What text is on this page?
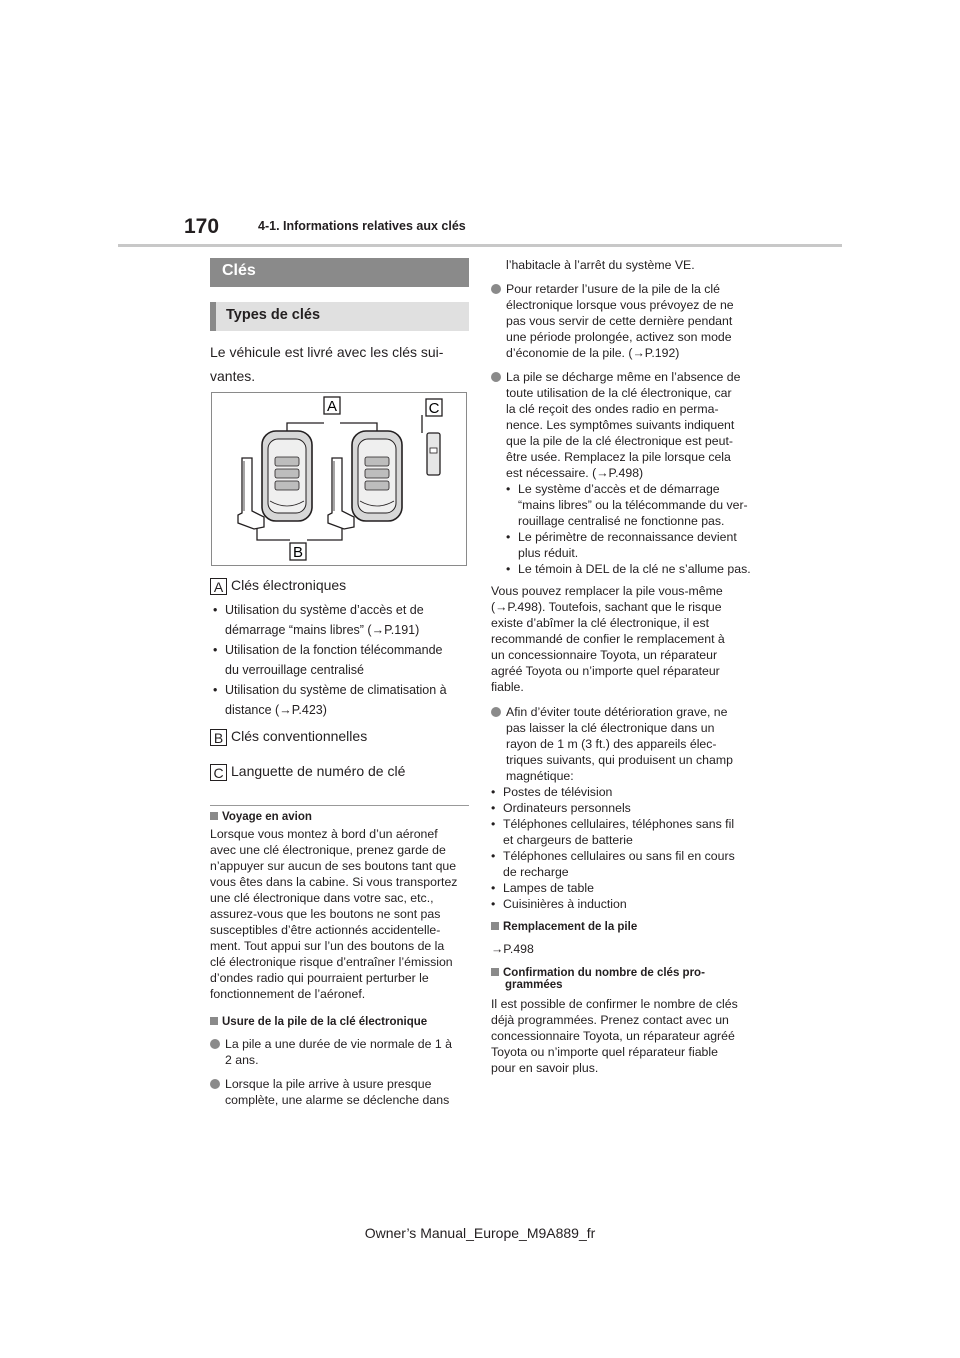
170	4-1. Informations relatives aux clés
Clés
Types de clés
Le véhicule est livré avec les clés sui-
vantes.
A	C
B
A Clés électroniques
• Utilisation du système d’accès et de
démarrage “mains libres” (→P.191)
• Utilisation de la fonction télécommande
du verrouillage centralisé
• Utilisation du système de climatisation à
distance (→P.423)
B Clés conventionnelles
C Languette de numéro de clé
Voyage en avion
Lorsque vous montez à bord d’un aéronef
avec une clé électronique, prenez garde de
n’appuyer sur aucun de ses boutons tant que
vous êtes dans la cabine. Si vous transportez
une clé électronique dans votre sac, etc.,
assurez-vous que les boutons ne sont pas
susceptibles d’être actionnés accidentelle-
ment. Tout appui sur l’un des boutons de la
clé électronique risque d’entraîner l’émission
d’ondes radio qui pourraient perturber le
fonctionnement de l’aéronef.
Usure de la pile de la clé électronique
La pile a une durée de vie normale de 1 à
2 ans.
Lorsque la pile arrive à usure presque
complète, une alarme se déclenche dans
l’habitacle à l’arrêt du système VE.
Pour retarder l’usure de la pile de la clé
électronique lorsque vous prévoyez de ne
pas vous servir de cette dernière pendant
une période prolongée, activez son mode
d’économie de la pile. (→P.192)
La pile se décharge même en l’absence de
toute utilisation de la clé électronique, car
la clé reçoit des ondes radio en perma-
nence. Les symptômes suivants indiquent
que la pile de la clé électronique est peut-
être usée. Remplacez la pile lorsque cela
est nécessaire. (→P.498)
• Le système d’accès et de démarrage
“mains libres” ou la télécommande du ver-
rouillage centralisé ne fonctionne pas.
• Le périmètre de reconnaissance devient
plus réduit.
• Le témoin à DEL de la clé ne s’allume pas.
Vous pouvez remplacer la pile vous-même
(→P.498). Toutefois, sachant que le risque
existe d’abîmer la clé électronique, il est
recommandé de confier le remplacement à
un concessionnaire Toyota, un réparateur
agréé Toyota ou n’importe quel réparateur
fiable.
Afin d’éviter toute détérioration grave, ne
pas laisser la clé électronique dans un
rayon de 1 m (3 ft.) des appareils élec-
triques suivants, qui produisent un champ
magnétique:
• Postes de télévision
• Ordinateurs personnels
• Téléphones cellulaires, téléphones sans fil
et chargeurs de batterie
• Téléphones cellulaires ou sans fil en cours
de recharge
• Lampes de table
• Cuisinières à induction
Remplacement de la pile
→P.498
Confirmation du nombre de clés pro-
grammées
Il est possible de confirmer le nombre de clés
déjà programmées. Prenez contact avec un
concessionnaire Toyota, un réparateur agréé
Toyota ou n’importe quel réparateur fiable
pour en savoir plus.
Owner’s Manual_Europe_M9A889_fr
